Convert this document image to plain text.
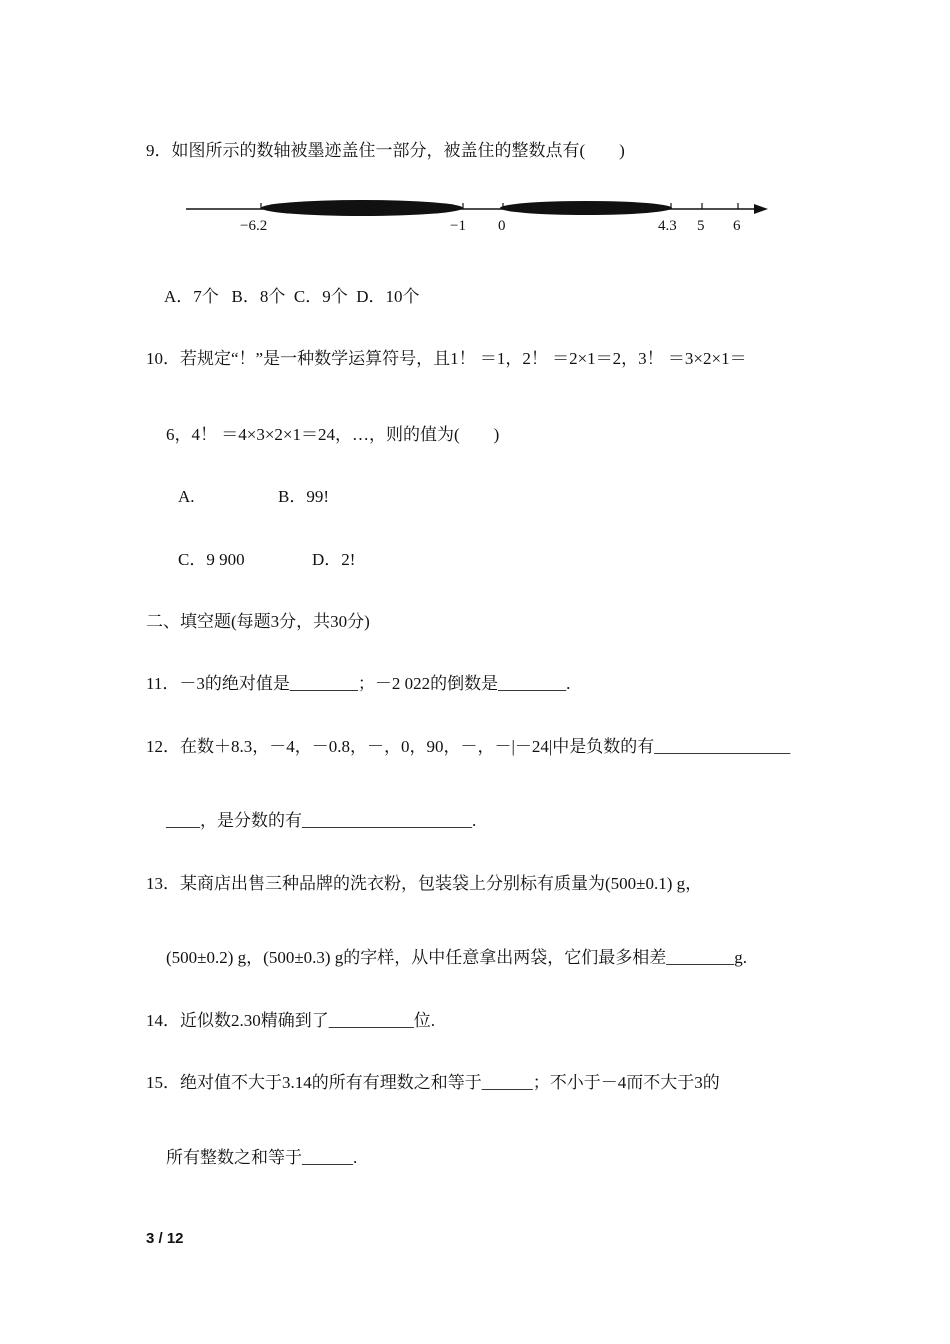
9．如图所示的数轴被墨迹盖住一部分，被盖住的整数点有(　　)
−6.2	−1 0	4.3 5 6
A．7个   B．8个  C．9个  D．10个
10．若规定“！”是一种数学运算符号，且1！ ＝1，2！ ＝2×1＝2，3！ ＝3×2×1＝
6，4！ ＝4×3×2×1＝24，…，则的值为(　　)
A.	B．99!
C．9 900	D．2!
二、填空题(每题3分，共30分)
11．－3的绝对值是________；－2 022的倒数是________.
12．在数＋8.3，－4，－0.8，－，0，90，－，－|－24|中是负数的有________________
____，是分数的有____________________.
13．某商店出售三种品牌的洗衣粉，包装袋上分别标有质量为(500±0.1) g，
(500±0.2) g，(500±0.3) g的字样，从中任意拿出两袋，它们最多相差________g.
14．近似数2.30精确到了__________位.
15．绝对值不大于3.14的所有有理数之和等于______；不小于－4而不大于3的
所有整数之和等于______.
3 / 12
